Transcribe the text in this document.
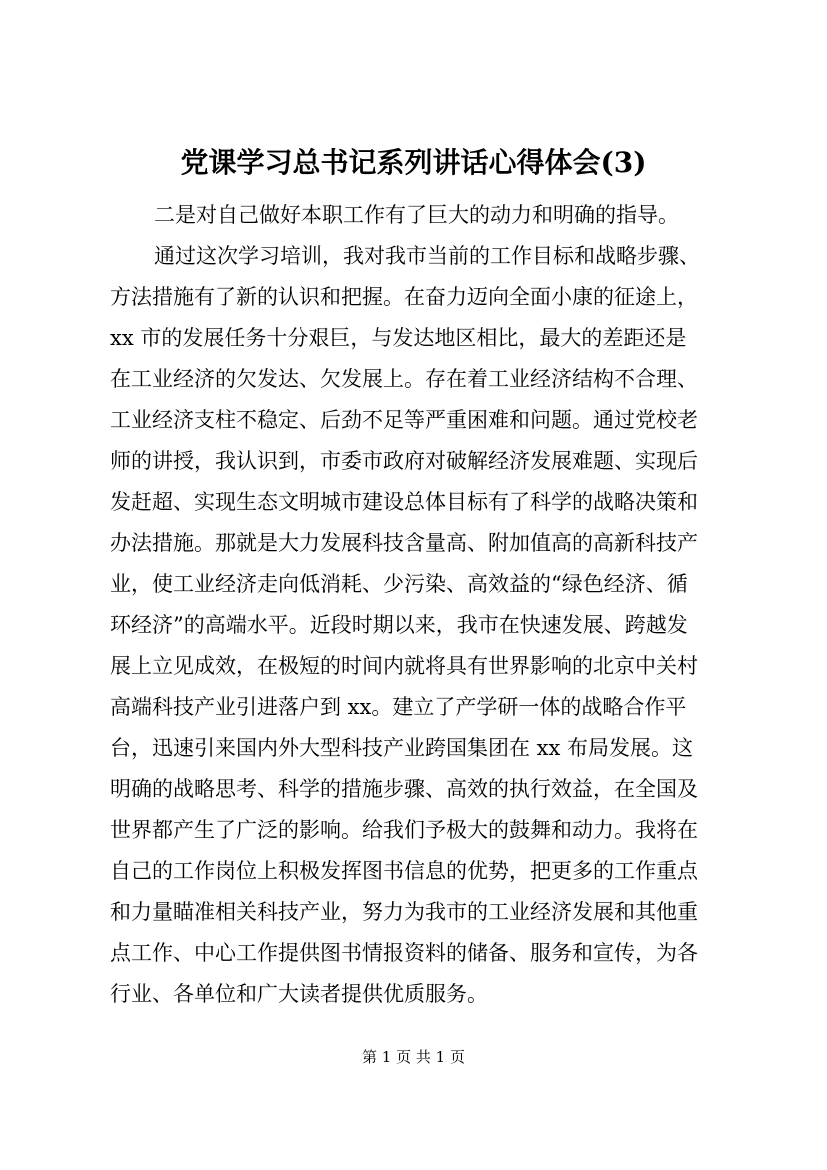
党课学习总书记系列讲话心得体会(3)
二是对自己做好本职工作有了巨大的动力和明确的指导。
通过这次学习培训，我对我市当前的工作目标和战略步骤、
方法措施有了新的认识和把握。在奋力迈向全面小康的征途上，
xx 市的发展任务十分艰巨，与发达地区相比，最大的差距还是
在工业经济的欠发达、欠发展上。存在着工业经济结构不合理、
工业经济支柱不稳定、后劲不足等严重困难和问题。通过党校老
师的讲授，我认识到，市委市政府对破解经济发展难题、实现后
发赶超、实现生态文明城市建设总体目标有了科学的战略决策和
办法措施。那就是大力发展科技含量高、附加值高的高新科技产
业，使工业经济走向低消耗、少污染、高效益的“绿色经济、循
环经济”的高端水平。近段时期以来，我市在快速发展、跨越发
展上立见成效，在极短的时间内就将具有世界影响的北京中关村
高端科技产业引进落户到 xx。建立了产学研一体的战略合作平
台，迅速引来国内外大型科技产业跨国集团在 xx 布局发展。这
明确的战略思考、科学的措施步骤、高效的执行效益，在全国及
世界都产生了广泛的影响。给我们予极大的鼓舞和动力。我将在
自己的工作岗位上积极发挥图书信息的优势，把更多的工作重点
和力量瞄准相关科技产业，努力为我市的工业经济发展和其他重
点工作、中心工作提供图书情报资料的储备、服务和宣传，为各
行业、各单位和广大读者提供优质服务。
第 1 页 共 1 页
